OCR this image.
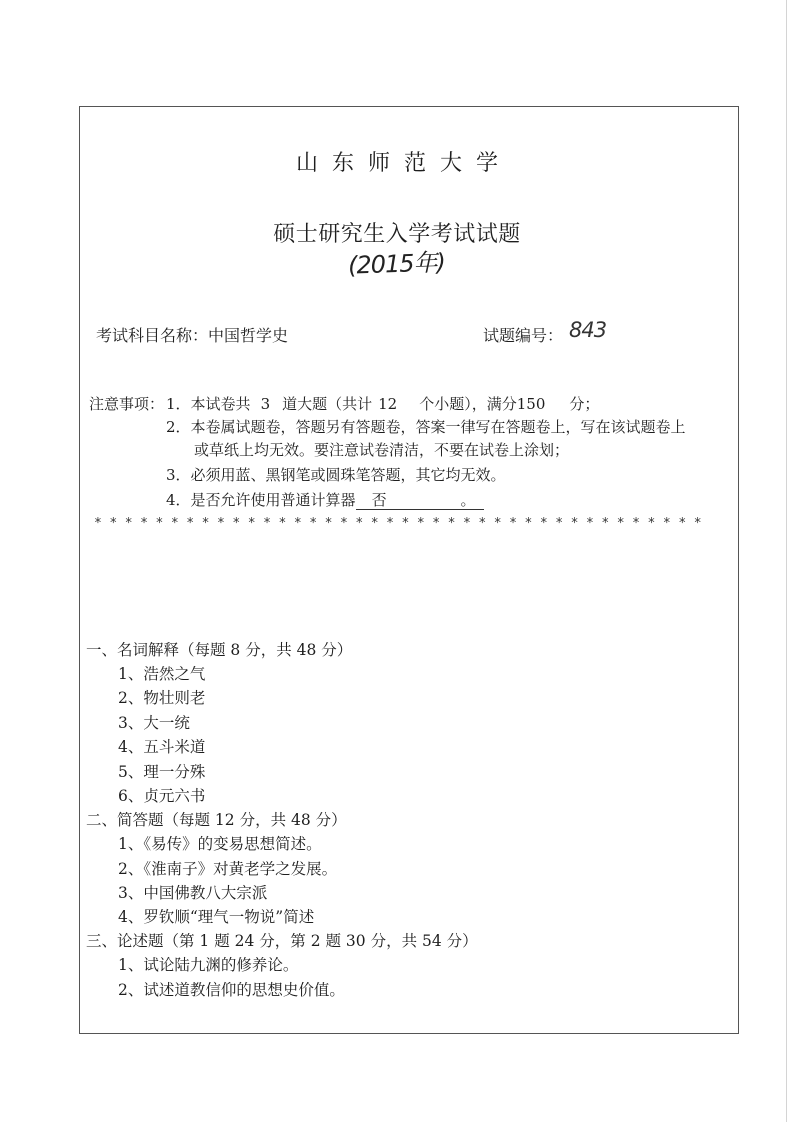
山东师范大学
硕士研究生入学考试试题
(2015年)
考试科目名称：中国哲学史	试题编号： 843
注意事项： 1．本试卷共 3 道大题（共计 12 个小题），满分150 分；
2．本卷属试题卷，答题另有答题卷，答案一律写在答题卷上，写在该试题卷上
或草纸上均无效。要注意试卷清洁，不要在试卷上涂划；
3．必须用蓝、黑钢笔或圆珠笔答题，其它均无效。
4．是否允许使用普通计算器 否	。
****************************************
一、名词解释（每题 8 分，共 48 分）
1、浩然之气
2、物壮则老
3、大一统
4、五斗米道
5、理一分殊
6、贞元六书
二、简答题（每题 12 分，共 48 分）
1、《易传》的变易思想简述。
2、《淮南子》对黄老学之发展。
3、中国佛教八大宗派
4、罗钦顺“理气一物说”简述
三、论述题（第 1 题 24 分，第 2 题 30 分，共 54 分）
1、试论陆九渊的修养论。
2、试述道教信仰的思想史价值。
